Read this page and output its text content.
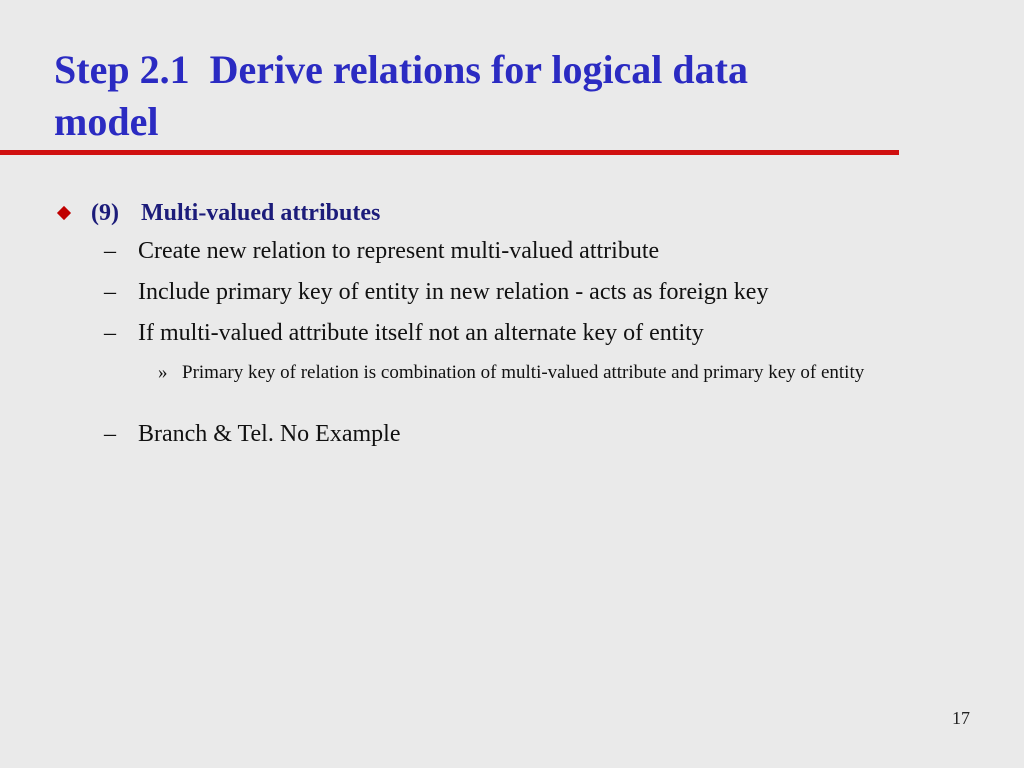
Step 2.1  Derive relations for logical data
model
(9) Multi-valued attributes
– Create new relation to represent multi-valued attribute
– Include primary key of entity in new relation - acts as foreign key
– If multi-valued attribute itself not an alternate key of entity
» Primary key of relation is combination of multi-valued attribute and primary key of entity
– Branch & Tel. No Example
17
